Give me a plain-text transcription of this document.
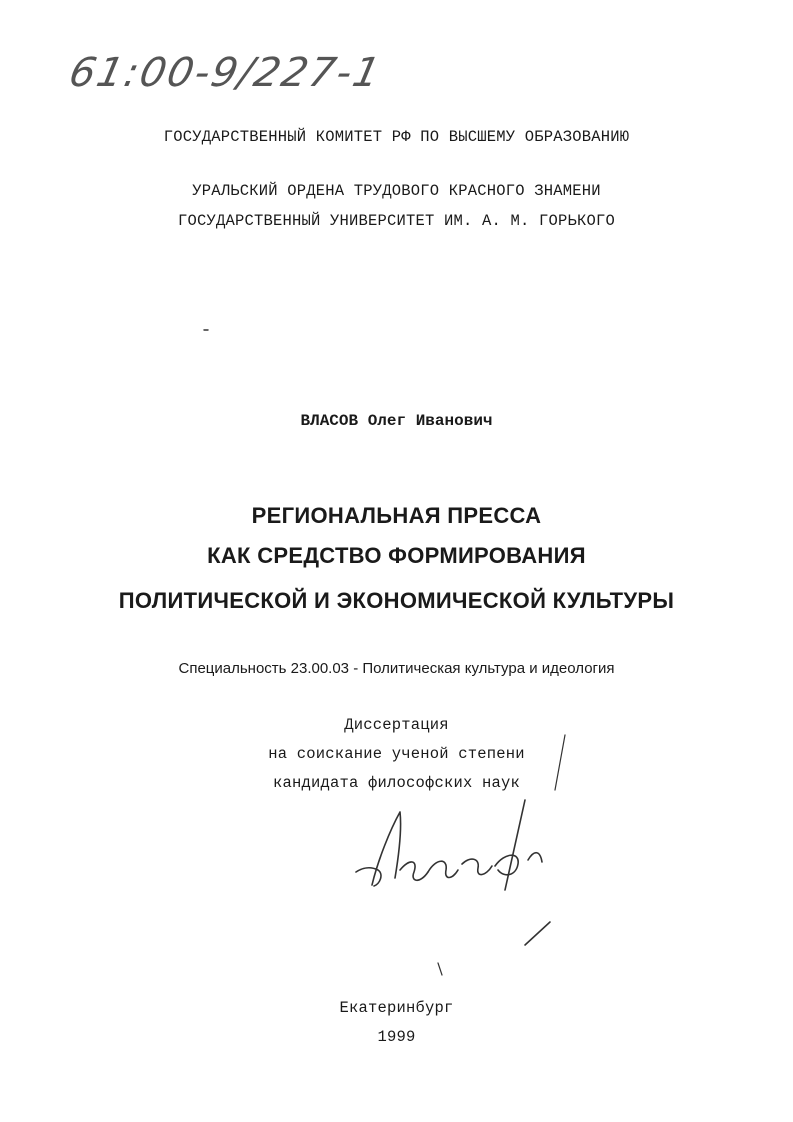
61:00-9/227-1
ГОСУДАРСТВЕННЫЙ КОМИТЕТ РФ ПО ВЫСШЕМУ ОБРАЗОВАНИЮ
УРАЛЬСКИЙ ОРДЕНА ТРУДОВОГО КРАСНОГО ЗНАМЕНИ
ГОСУДАРСТВЕННЫЙ УНИВЕРСИТЕТ ИМ. А. М. ГОРЬКОГО
ВЛАСОВ Олег Иванович
РЕГИОНАЛЬНАЯ ПРЕССА
КАК СРЕДСТВО ФОРМИРОВАНИЯ
ПОЛИТИЧЕСКОЙ И ЭКОНОМИЧЕСКОЙ КУЛЬТУРЫ
Специальность 23.00.03 - Политическая культура и идеология
Диссертация
на соискание ученой степени
кандидата философских наук
Екатеринбург
1999
